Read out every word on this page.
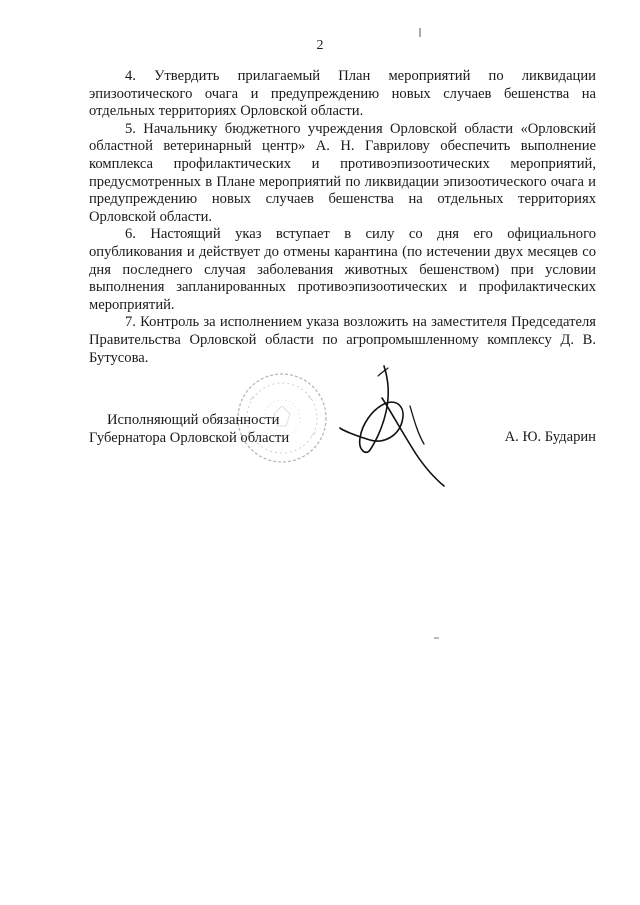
2

4. Утвердить прилагаемый План мероприятий по ликвидации эпизоотического очага и предупреждению новых случаев бешенства на отдельных территориях Орловской области.

5. Начальнику бюджетного учреждения Орловской области «Орловский областной ветеринарный центр» А. Н. Гаврилову обеспечить выполнение комплекса профилактических и противоэпизоотических мероприятий, предусмотренных в Плане мероприятий по ликвидации эпизоотического очага и предупреждению новых случаев бешенства на отдельных территориях Орловской области.

6. Настоящий указ вступает в силу со дня его официального опубликования и действует до отмены карантина (по истечении двух месяцев со дня последнего случая заболевания животных бешенством) при условии выполнения запланированных противоэпизоотических и профилактических мероприятий.

7. Контроль за исполнением указа возложить на заместителя Председателя Правительства Орловской области по агропромышленному комплексу Д. В. Бутусова.

Исполняющий обязанности
Губернатора Орловской области	А. Ю. Бударин
